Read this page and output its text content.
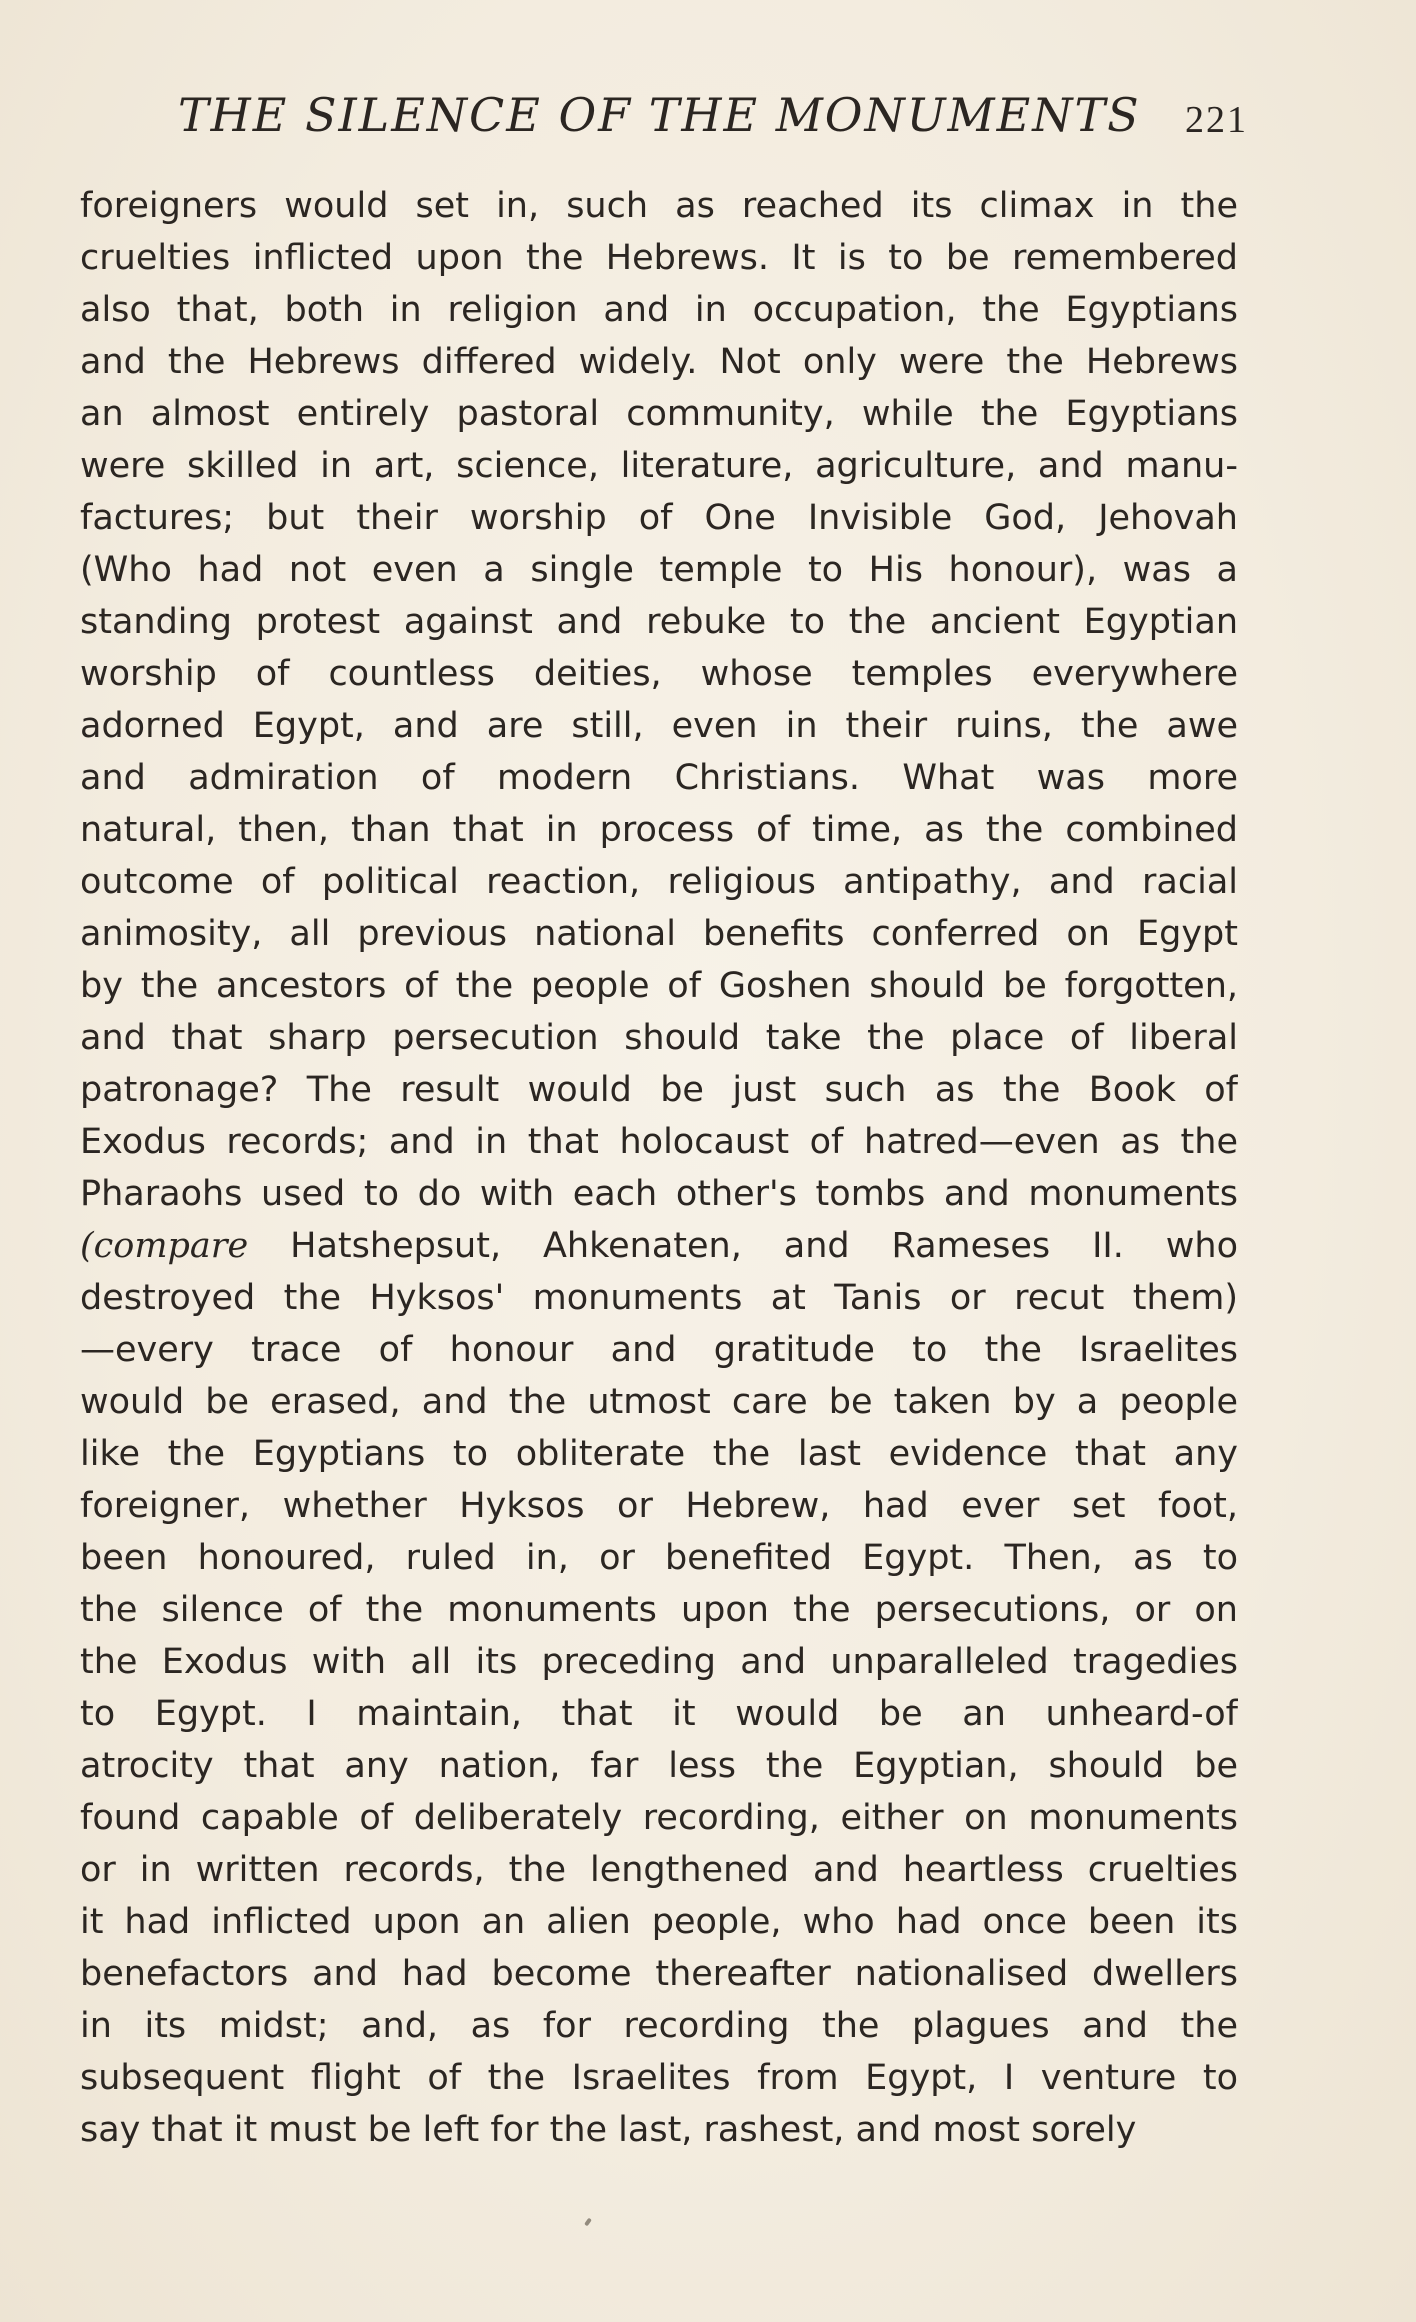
THE SILENCE OF THE MONUMENTS 221
foreigners would set in, such as reached its climax in the
cruelties inflicted upon the Hebrews. It is to be remembered
also that, both in religion and in occupation, the Egyptians
and the Hebrews differed widely. Not only were the Hebrews
an almost entirely pastoral community, while the Egyptians
were skilled in art, science, literature, agriculture, and manu-
factures; but their worship of One Invisible God, Jehovah
(Who had not even a single temple to His honour), was a
standing protest against and rebuke to the ancient Egyptian
worship of countless deities, whose temples everywhere
adorned Egypt, and are still, even in their ruins, the awe
and admiration of modern Christians. What was more
natural, then, than that in process of time, as the combined
outcome of political reaction, religious antipathy, and racial
animosity, all previous national benefits conferred on Egypt
by the ancestors of the people of Goshen should be forgotten,
and that sharp persecution should take the place of liberal
patronage? The result would be just such as the Book of
Exodus records; and in that holocaust of hatred—even as the
Pharaohs used to do with each other's tombs and monuments
(compare Hatshepsut, Ahkenaten, and Rameses II. who
destroyed the Hyksos' monuments at Tanis or recut them)
—every trace of honour and gratitude to the Israelites
would be erased, and the utmost care be taken by a people
like the Egyptians to obliterate the last evidence that any
foreigner, whether Hyksos or Hebrew, had ever set foot,
been honoured, ruled in, or benefited Egypt. Then, as to
the silence of the monuments upon the persecutions, or on
the Exodus with all its preceding and unparalleled tragedies
to Egypt. I maintain, that it would be an unheard-of
atrocity that any nation, far less the Egyptian, should be
found capable of deliberately recording, either on monuments
or in written records, the lengthened and heartless cruelties
it had inflicted upon an alien people, who had once been its
benefactors and had become thereafter nationalised dwellers
in its midst; and, as for recording the plagues and the
subsequent flight of the Israelites from Egypt, I venture to
say that it must be left for the last, rashest, and most sorely
